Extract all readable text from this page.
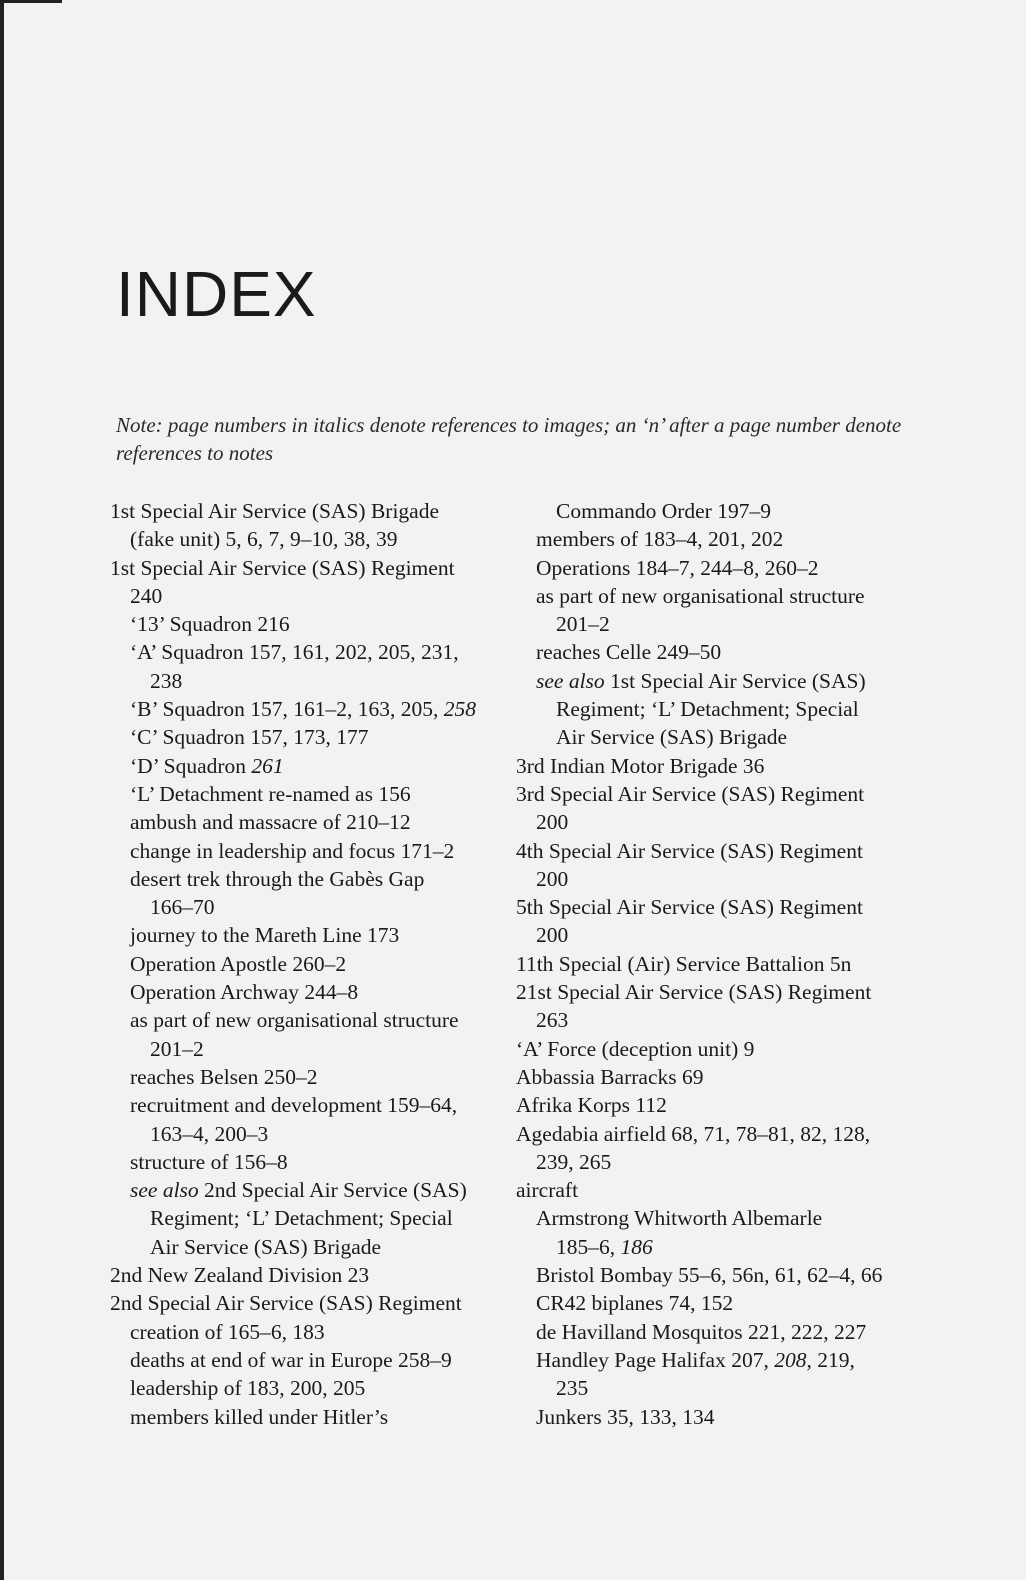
INDEX

Note: page numbers in italics denote references to images; an ‘n’ after a page number denote references to notes

1st Special Air Service (SAS) Brigade
(fake unit) 5, 6, 7, 9–10, 38, 39
1st Special Air Service (SAS) Regiment
240
‘13’ Squadron 216
‘A’ Squadron 157, 161, 202, 205, 231,
238
‘B’ Squadron 157, 161–2, 163, 205, 258
‘C’ Squadron 157, 173, 177
‘D’ Squadron 261
‘L’ Detachment re-named as 156
ambush and massacre of 210–12
change in leadership and focus 171–2
desert trek through the Gabès Gap
166–70
journey to the Mareth Line 173
Operation Apostle 260–2
Operation Archway 244–8
as part of new organisational structure
201–2
reaches Belsen 250–2
recruitment and development 159–64,
163–4, 200–3
structure of 156–8
see also 2nd Special Air Service (SAS)
Regiment; ‘L’ Detachment; Special
Air Service (SAS) Brigade
2nd New Zealand Division 23
2nd Special Air Service (SAS) Regiment
creation of 165–6, 183
deaths at end of war in Europe 258–9
leadership of 183, 200, 205
members killed under Hitler’s
Commando Order 197–9
members of 183–4, 201, 202
Operations 184–7, 244–8, 260–2
as part of new organisational structure
201–2
reaches Celle 249–50
see also 1st Special Air Service (SAS)
Regiment; ‘L’ Detachment; Special
Air Service (SAS) Brigade
3rd Indian Motor Brigade 36
3rd Special Air Service (SAS) Regiment
200
4th Special Air Service (SAS) Regiment
200
5th Special Air Service (SAS) Regiment
200
11th Special (Air) Service Battalion 5n
21st Special Air Service (SAS) Regiment
263
‘A’ Force (deception unit) 9
Abbassia Barracks 69
Afrika Korps 112
Agedabia airfield 68, 71, 78–81, 82, 128,
239, 265
aircraft
Armstrong Whitworth Albemarle
185–6, 186
Bristol Bombay 55–6, 56n, 61, 62–4, 66
CR42 biplanes 74, 152
de Havilland Mosquitos 221, 222, 227
Handley Page Halifax 207, 208, 219,
235
Junkers 35, 133, 134
